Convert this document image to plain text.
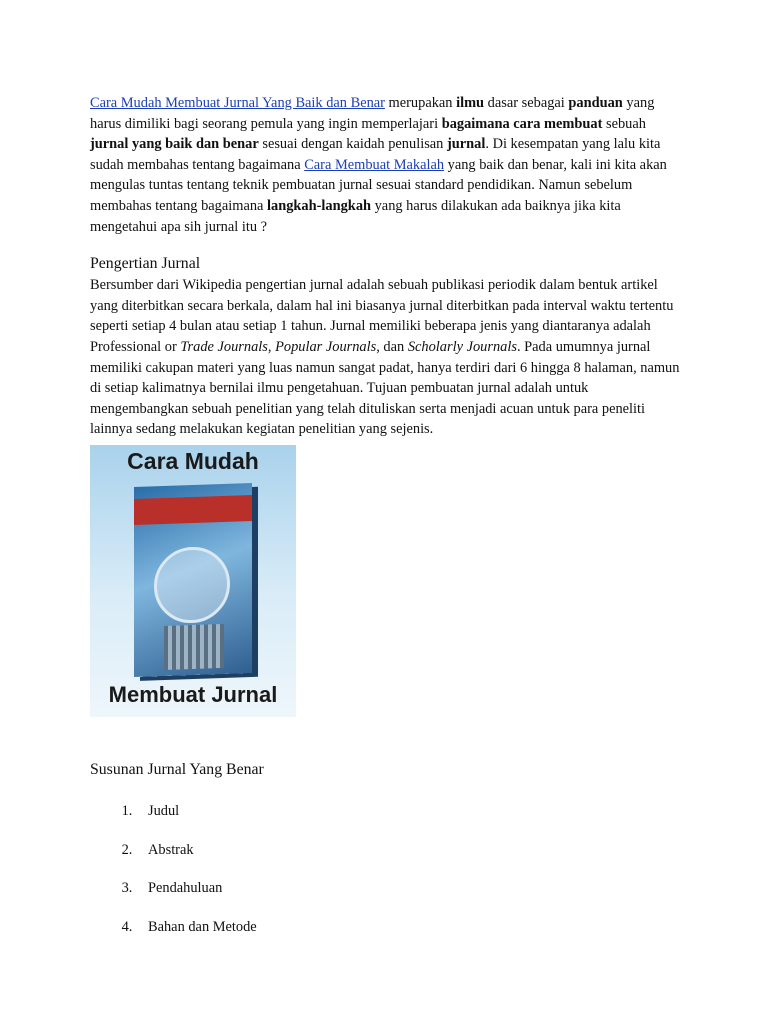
Cara Mudah Membuat Jurnal Yang Baik dan Benar merupakan ilmu dasar sebagai panduan yang harus dimiliki bagi seorang pemula yang ingin memperlajari bagaimana cara membuat sebuah jurnal yang baik dan benar sesuai dengan kaidah penulisan jurnal. Di kesempatan yang lalu kita sudah membahas tentang bagaimana Cara Membuat Makalah yang baik dan benar, kali ini kita akan mengulas tuntas tentang teknik pembuatan jurnal sesuai standard pendidikan. Namun sebelum membahas tentang bagaimana langkah-langkah yang harus dilakukan ada baiknya jika kita mengetahui apa sih jurnal itu ?

Pengertian Jurnal

Bersumber dari Wikipedia pengertian jurnal adalah sebuah publikasi periodik dalam bentuk artikel yang diterbitkan secara berkala, dalam hal ini biasanya jurnal diterbitkan pada interval waktu tertentu seperti setiap 4 bulan atau setiap 1 tahun. Jurnal memiliki beberapa jenis yang diantaranya adalah Professional or Trade Journals, Popular Journals, dan Scholarly Journals. Pada umumnya jurnal memiliki cakupan materi yang luas namun sangat padat, hanya terdiri dari 6 hingga 8 halaman, namun di setiap kalimatnya bernilai ilmu pengetahuan. Tujuan pembuatan jurnal adalah untuk mengembangkan sebuah penelitian yang telah dituliskan serta menjadi acuan untuk para peneliti lainnya sedang melakukan kegiatan penelitian yang sejenis.

Cara Mudah
Membuat Jurnal

Susunan Jurnal Yang Benar

1. Judul
2. Abstrak
3. Pendahuluan
4. Bahan dan Metode
